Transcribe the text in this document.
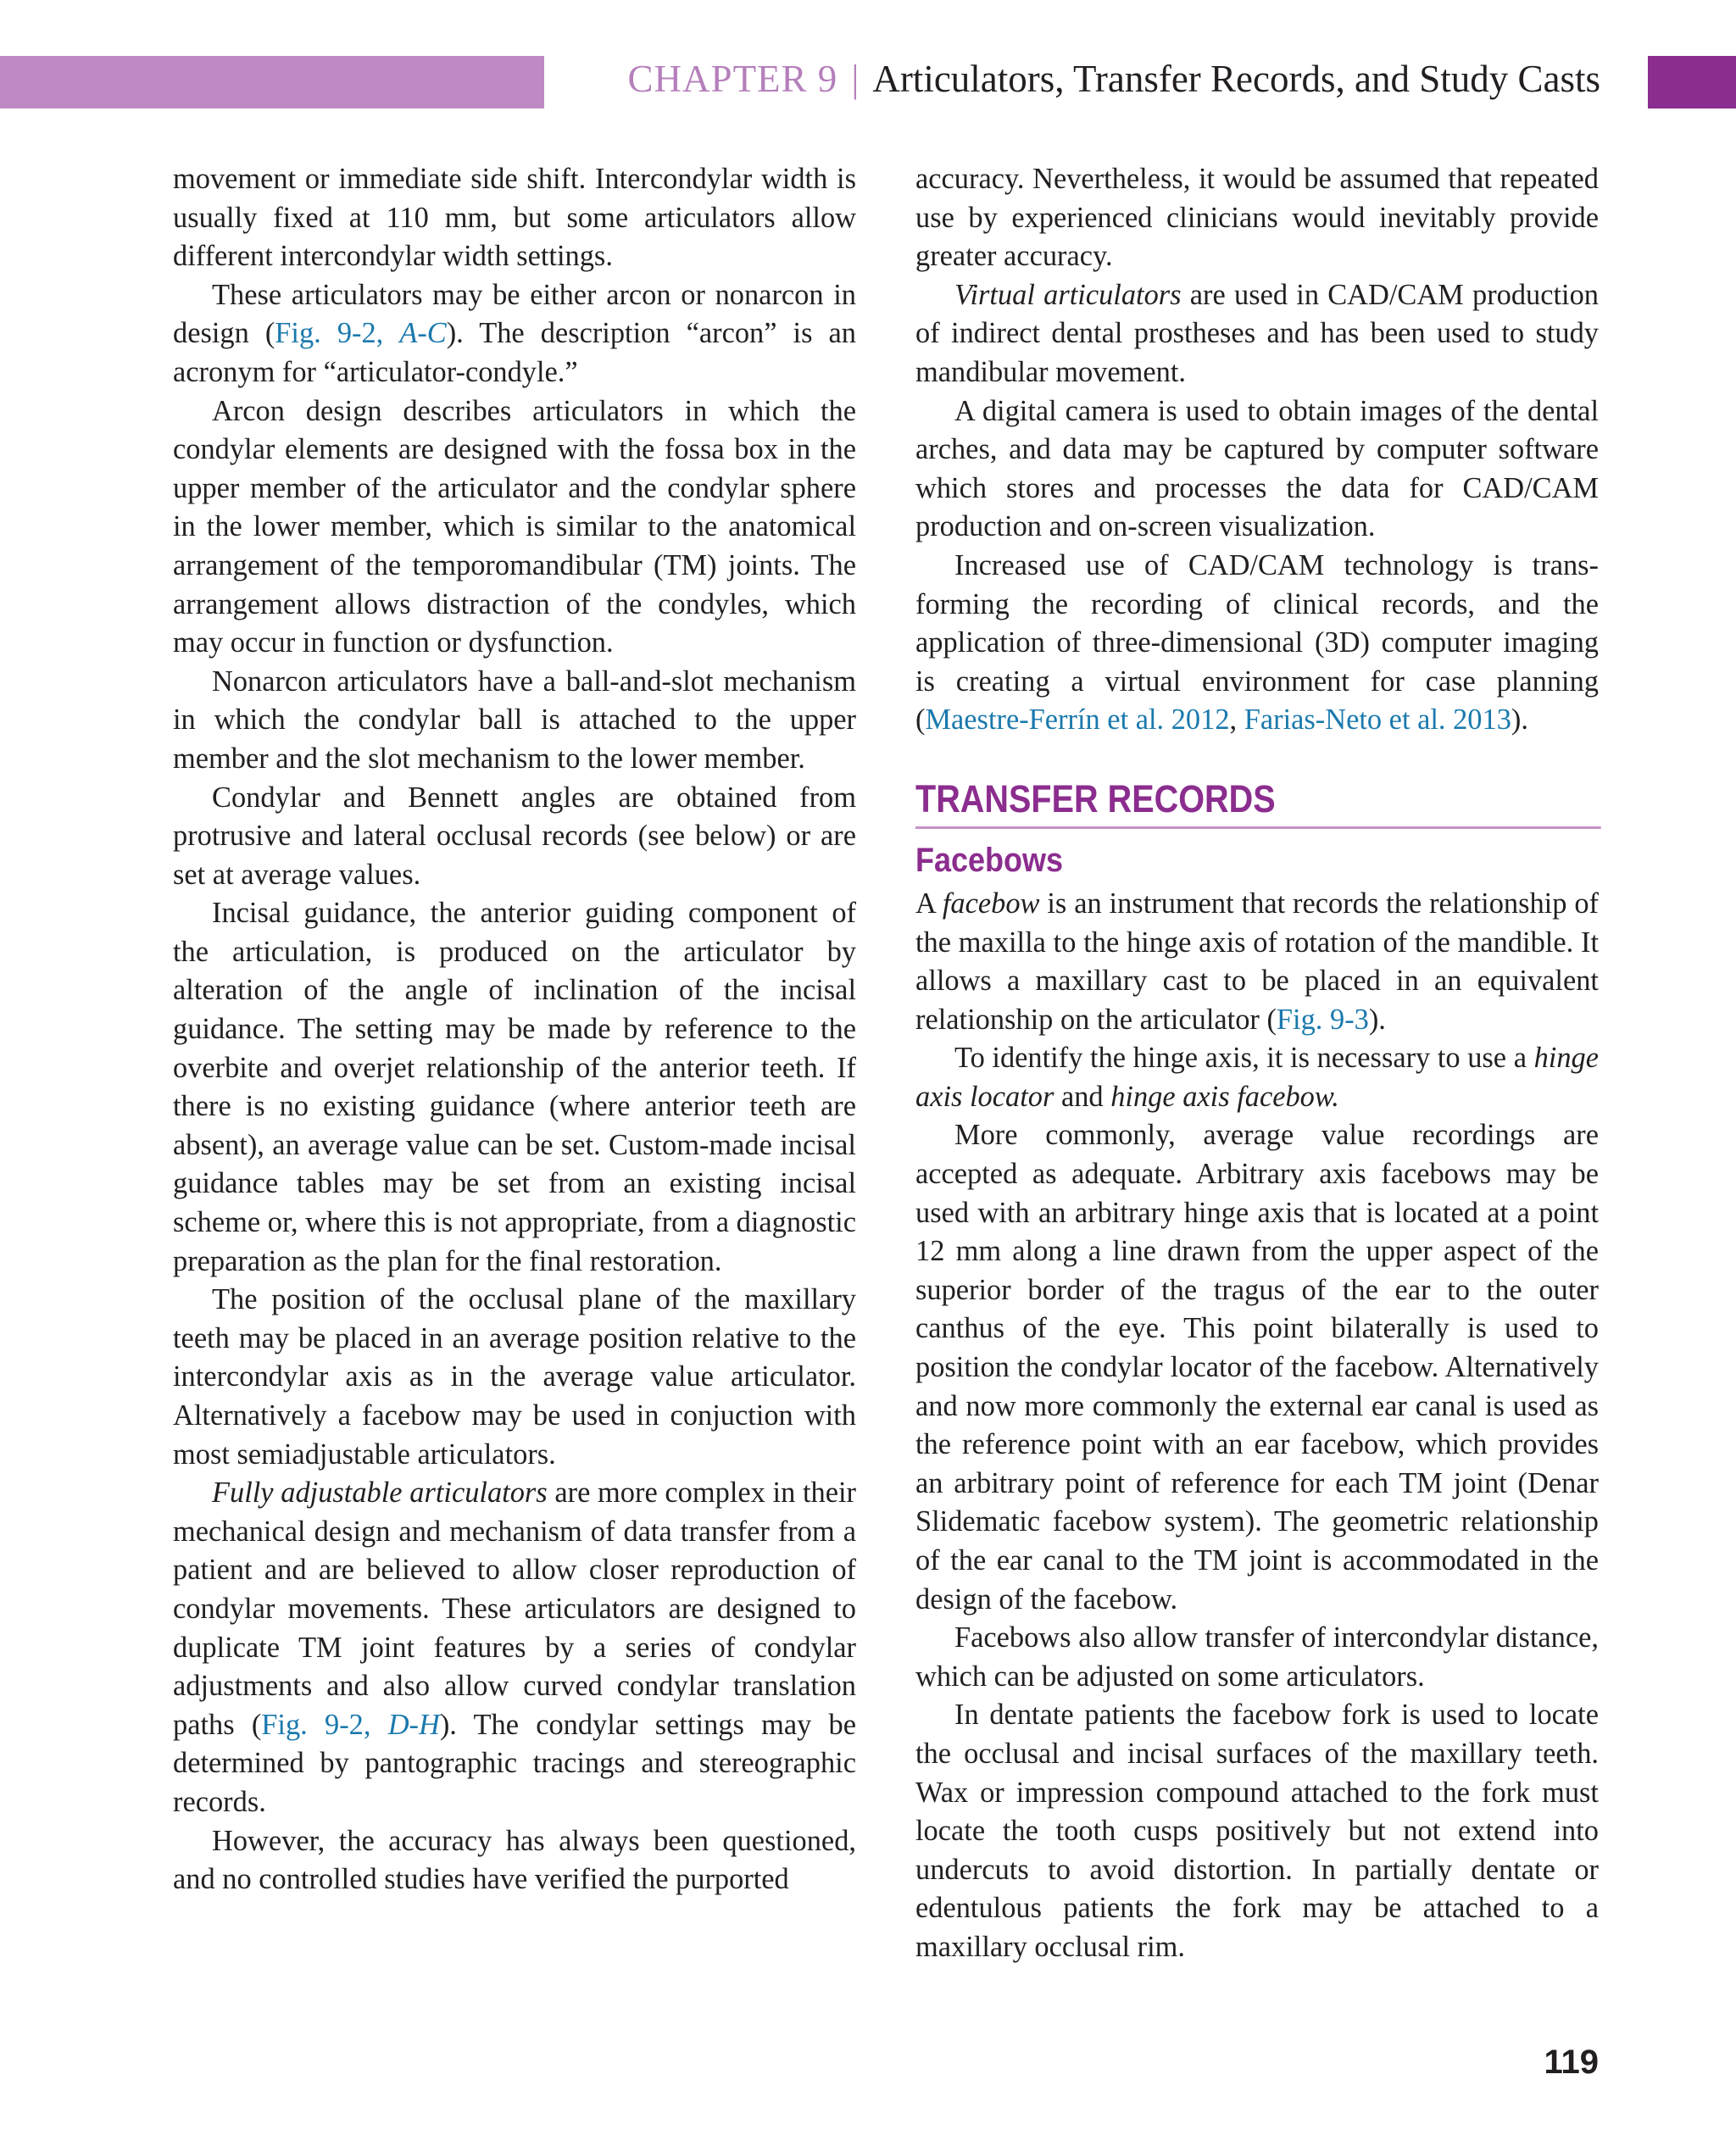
CHAPTER 9 | Articulators, Transfer Records, and Study Casts

movement or immediate side shift. Intercondylar width is usually fixed at 110 mm, but some articulators allow different intercondylar width settings.

These articulators may be either arcon or nonarcon in design (Fig. 9-2, A-C). The description “arcon” is an acronym for “articulator-condyle.”

Arcon design describes articulators in which the condylar elements are designed with the fossa box in the upper member of the articulator and the condylar sphere in the lower member, which is similar to the anatomical arrangement of the temporomandibular (TM) joints. The arrangement allows distraction of the condyles, which may occur in function or dysfunction.

Nonarcon articulators have a ball-and-slot mechanism in which the condylar ball is attached to the upper member and the slot mechanism to the lower member.

Condylar and Bennett angles are obtained from protrusive and lateral occlusal records (see below) or are set at average values.

Incisal guidance, the anterior guiding component of the articulation, is produced on the articulator by alteration of the angle of inclination of the incisal guidance. The setting may be made by reference to the overbite and overjet relationship of the anterior teeth. If there is no existing guidance (where anterior teeth are absent), an average value can be set. Custom-made incisal guidance tables may be set from an existing incisal scheme or, where this is not appropriate, from a diagnostic preparation as the plan for the final restoration.

The position of the occlusal plane of the maxillary teeth may be placed in an average position relative to the intercondylar axis as in the average value articulator. Alternatively a facebow may be used in conjuction with most semiadjustable articulators.

Fully adjustable articulators are more complex in their mechanical design and mechanism of data transfer from a patient and are believed to allow closer reproduction of condylar movements. These articulators are designed to duplicate TM joint features by a series of condylar adjustments and also allow curved condylar translation paths (Fig. 9-2, D-H). The condylar settings may be determined by pantographic tracings and stereographic records.

However, the accuracy has always been questioned, and no controlled studies have verified the purported

accuracy. Nevertheless, it would be assumed that repeated use by experienced clinicians would inevitably provide greater accuracy.

Virtual articulators are used in CAD/CAM production of indirect dental prostheses and has been used to study mandibular movement.

A digital camera is used to obtain images of the dental arches, and data may be captured by computer software which stores and processes the data for CAD/​CAM production and on-screen visualization.

Increased use of CAD/CAM technology is transforming the recording of clinical records, and the application of three-dimensional (3D) computer imaging is creating a virtual environment for case planning (Maestre-Ferrín et al. 2012, Farias-Neto et al. 2013).

TRANSFER RECORDS
Facebows

A facebow is an instrument that records the relationship of the maxilla to the hinge axis of rotation of the mandible. It allows a maxillary cast to be placed in an equivalent relationship on the articulator (Fig. 9-3).

To identify the hinge axis, it is necessary to use a hinge axis locator and hinge axis facebow.

More commonly, average value recordings are accepted as adequate. Arbitrary axis facebows may be used with an arbitrary hinge axis that is located at a point 12 mm along a line drawn from the upper aspect of the superior border of the tragus of the ear to the outer canthus of the eye. This point bilaterally is used to position the condylar locator of the facebow. Alternatively and now more commonly the external ear canal is used as the reference point with an ear facebow, which provides an arbitrary point of reference for each TM joint (Denar Slidematic facebow system). The geometric relationship of the ear canal to the TM joint is accommodated in the design of the facebow.

Facebows also allow transfer of intercondylar distance, which can be adjusted on some articulators.

In dentate patients the facebow fork is used to locate the occlusal and incisal surfaces of the maxillary teeth. Wax or impression compound attached to the fork must locate the tooth cusps positively but not extend into undercuts to avoid distortion. In partially dentate or edentulous patients the fork may be attached to a maxillary occlusal rim.

119
